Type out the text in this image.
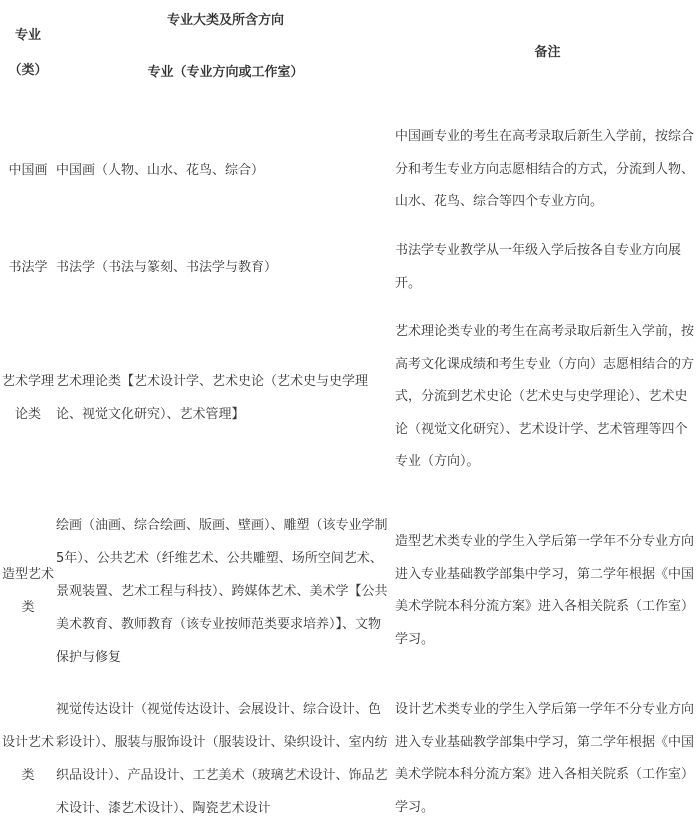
专业（类）	专业大类及所含方向	备注
	专业（专业方向或工作室）	
中国画	中国画（人物、山水、花鸟、综合）	中国画专业的考生在高考录取后新生入学前，按综合分和考生专业方向志愿相结合的方式，分流到人物、山水、花鸟、综合等四个专业方向。
书法学	书法学（书法与篆刻、书法学与教育）	书法学专业教学从一年级入学后按各自专业方向展开。
艺术学理论类	艺术理论类【艺术设计学、艺术史论（艺术史与史学理论、视觉文化研究）、艺术管理】	艺术理论类专业的考生在高考录取后新生入学前，按高考文化课成绩和考生专业（方向）志愿相结合的方式，分流到艺术史论（艺术史与史学理论）、艺术史论（视觉文化研究）、艺术设计学、艺术管理等四个专业（方向）。
造型艺术类	绘画（油画、综合绘画、版画、壁画）、雕塑（该专业学制5年）、公共艺术（纤维艺术、公共雕塑、场所空间艺术、景观装置、艺术工程与科技）、跨媒体艺术、美术学【公共美术教育、教师教育（该专业按师范类要求培养）】、文物保护与修复	造型艺术类专业的学生入学后第一学年不分专业方向进入专业基础教学部集中学习，第二学年根据《中国美术学院本科分流方案》进入各相关院系（工作室）学习。
设计艺术类	视觉传达设计（视觉传达设计、会展设计、综合设计、色彩设计）、服装与服饰设计（服装设计、染织设计、室内纺织品设计）、产品设计、工艺美术（玻璃艺术设计、饰品艺术设计、漆艺术设计）、陶瓷艺术设计	设计艺术类专业的学生入学后第一学年不分专业方向进入专业基础教学部集中学习，第二学年根据《中国美术学院本科分流方案》进入各相关院系（工作室）学习。
